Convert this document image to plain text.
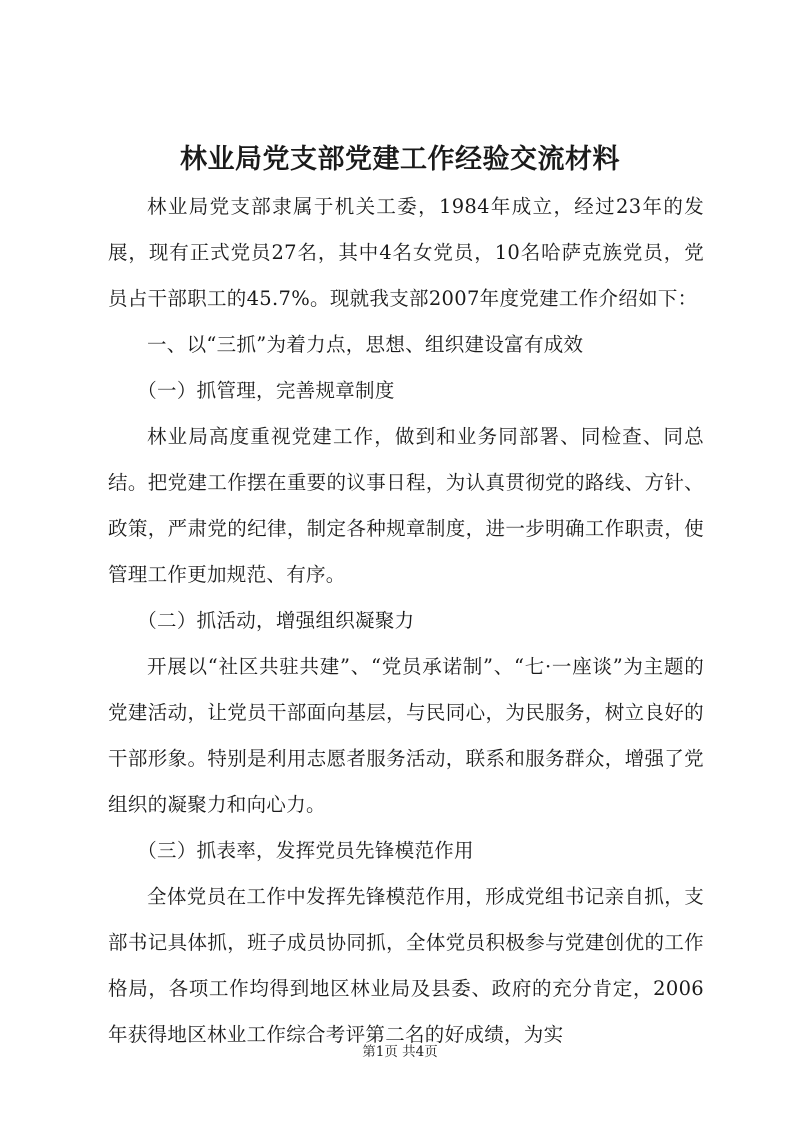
林业局党支部党建工作经验交流材料

林业局党支部隶属于机关工委，1984年成立，经过23年的发展，现有正式党员27名，其中4名女党员，10名哈萨克族党员，党员占干部职工的45.7%。现就我支部2007年度党建工作介绍如下：

一、以“三抓”为着力点，思想、组织建设富有成效

（一）抓管理，完善规章制度

林业局高度重视党建工作，做到和业务同部署、同检查、同总结。把党建工作摆在重要的议事日程，为认真贯彻党的路线、方针、政策，严肃党的纪律，制定各种规章制度，进一步明确工作职责，使管理工作更加规范、有序。

（二）抓活动，增强组织凝聚力

开展以“社区共驻共建”、“党员承诺制”、“七·一座谈”为主题的党建活动，让党员干部面向基层，与民同心，为民服务，树立良好的干部形象。特别是利用志愿者服务活动，联系和服务群众，增强了党组织的凝聚力和向心力。

（三）抓表率，发挥党员先锋模范作用

全体党员在工作中发挥先锋模范作用，形成党组书记亲自抓，支部书记具体抓，班子成员协同抓，全体党员积极参与党建创优的工作格局，各项工作均得到地区林业局及县委、政府的充分肯定，2006年获得地区林业工作综合考评第二名的好成绩，为实

第1页 共4页
